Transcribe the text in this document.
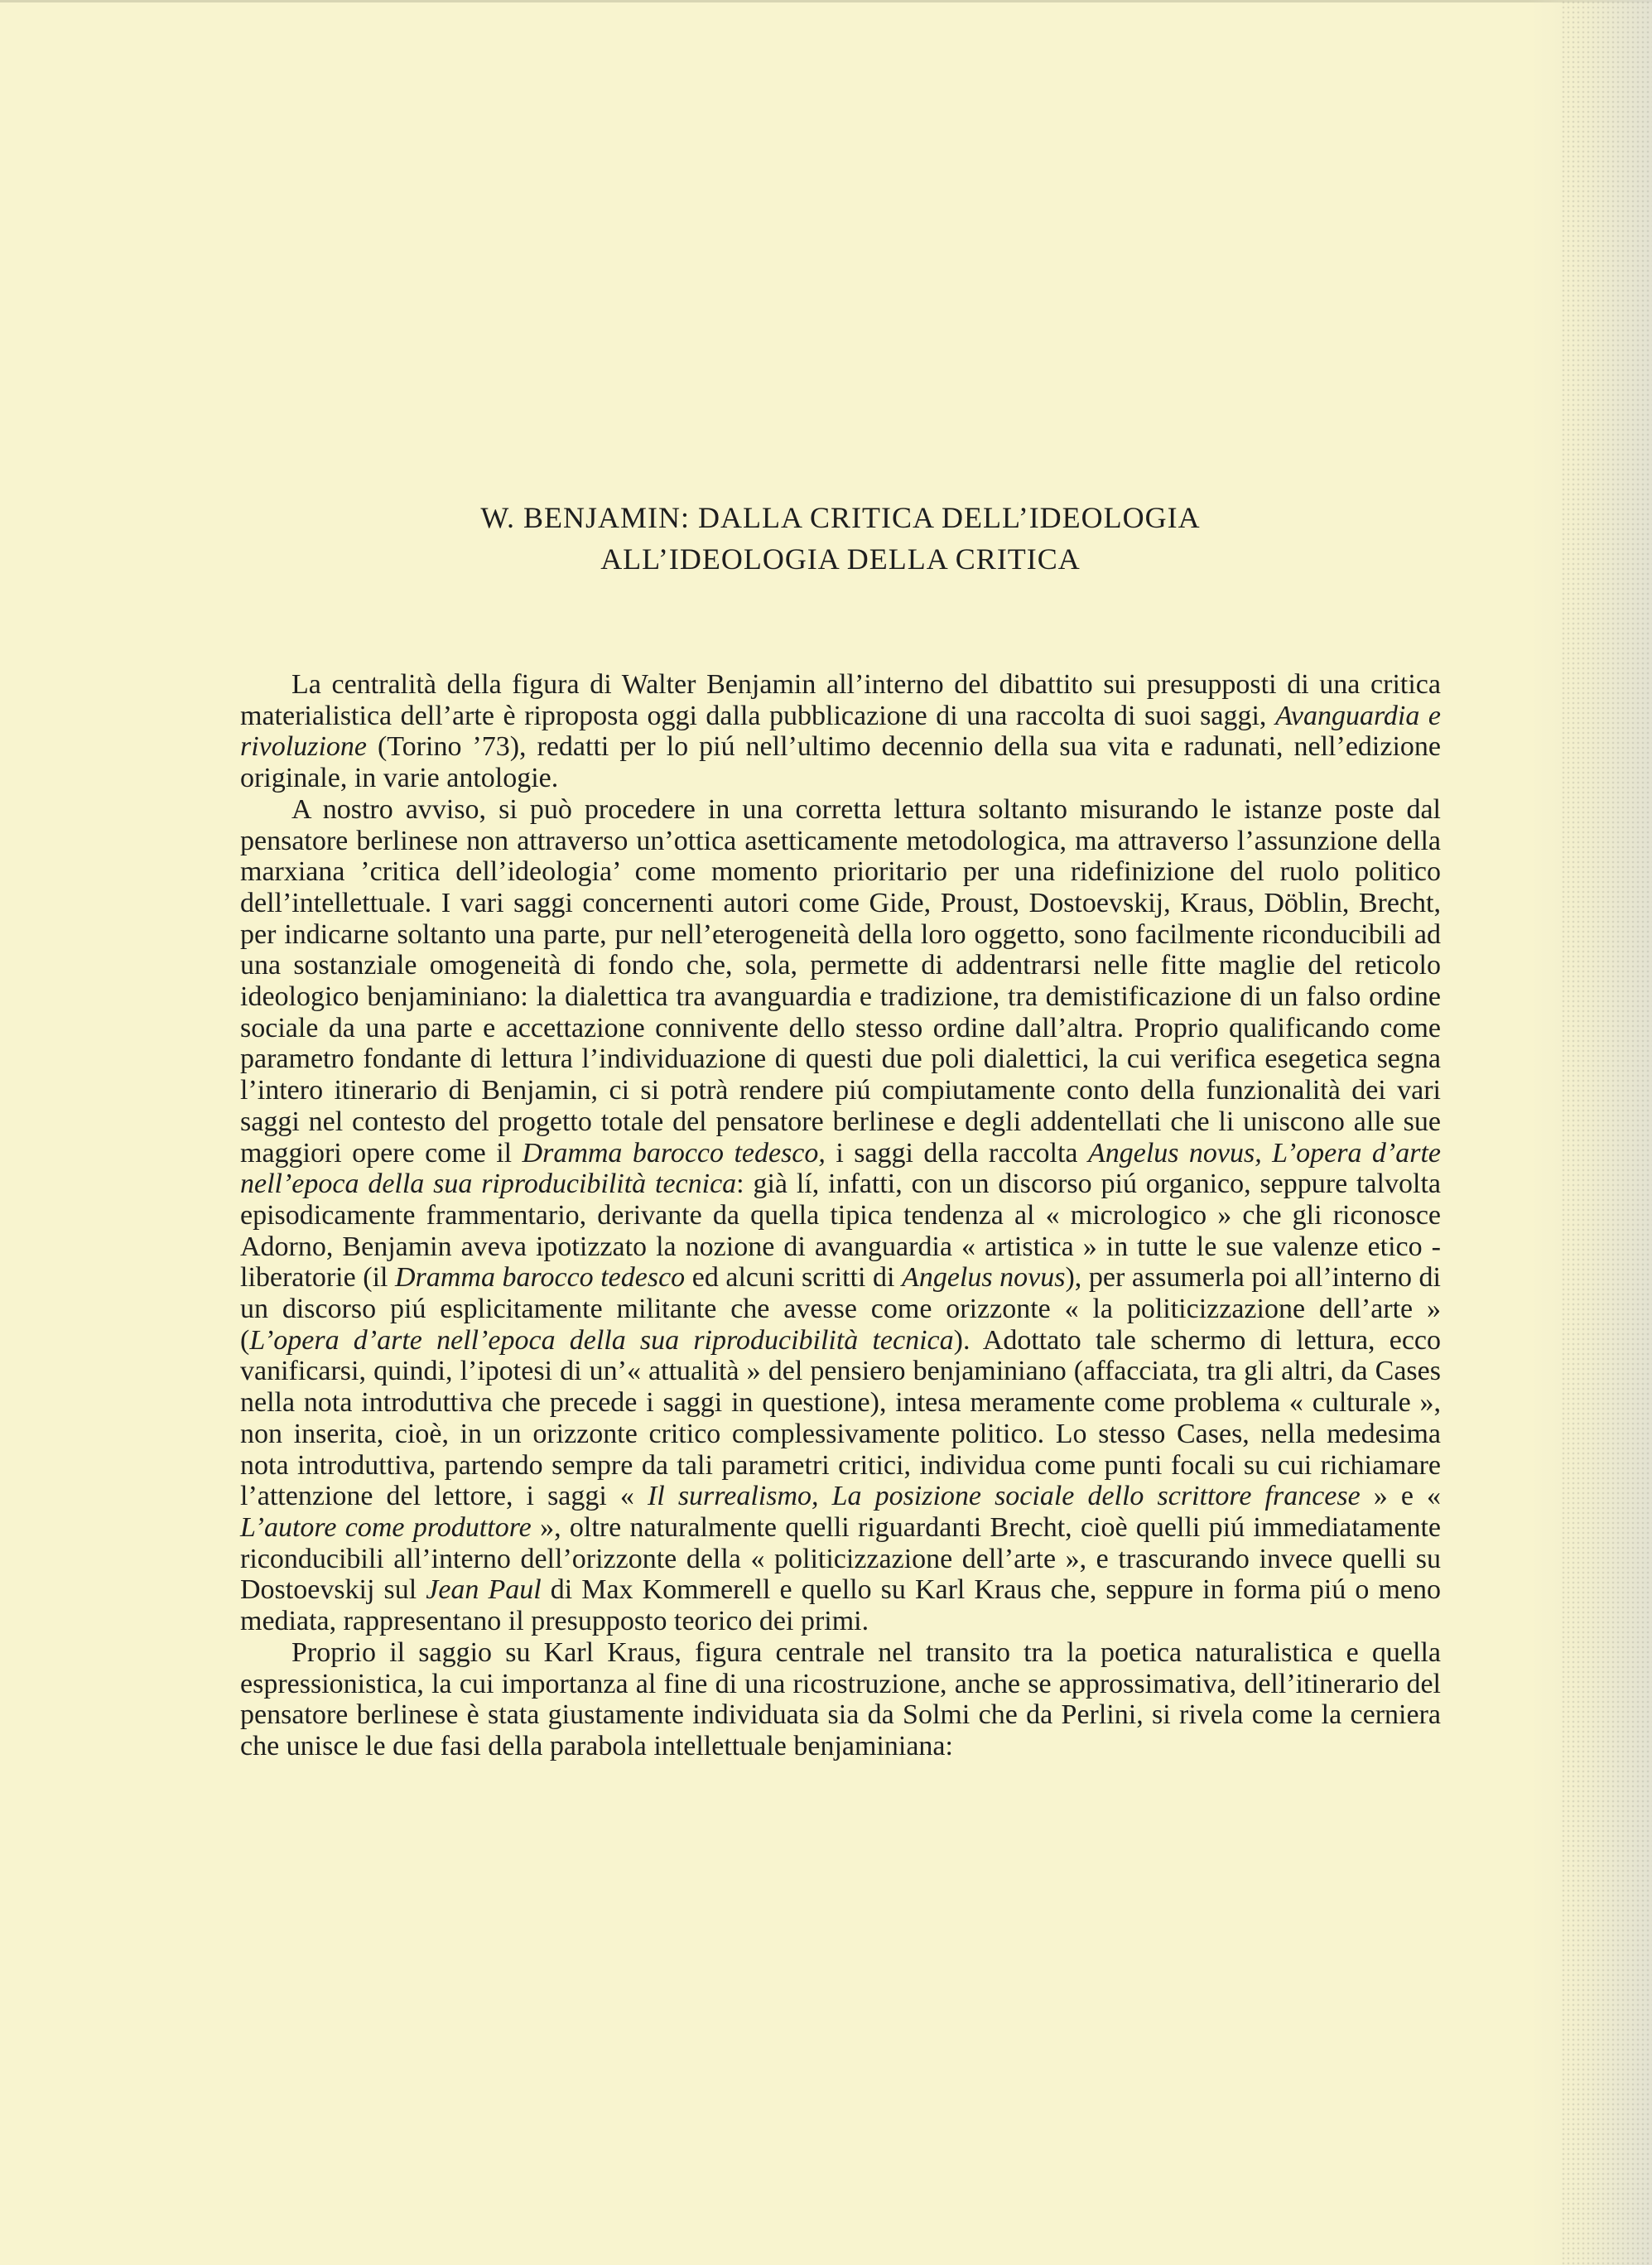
W. BENJAMIN: DALLA CRITICA DELL’IDEOLOGIA
ALL’IDEOLOGIA DELLA CRITICA

La centralità della figura di Walter Benjamin all’interno del dibattito sui presupposti di una critica materialistica dell’arte è riproposta oggi dalla pubblicazione di una raccolta di suoi saggi, Avanguardia e rivoluzione (Torino ’73), redatti per lo piú nell’ultimo decennio della sua vita e radunati, nell’edizione originale, in varie antologie.

A nostro avviso, si può procedere in una corretta lettura soltanto misurando le istanze poste dal pensatore berlinese non attraverso un’ottica asetticamente metodologica, ma attraverso l’assunzione della marxiana ’critica dell’ideologia’ come momento prioritario per una ridefinizione del ruolo politico dell’intellettuale. I vari saggi concernenti autori come Gide, Proust, Dostoevskij, Kraus, Döblin, Brecht, per indicarne soltanto una parte, pur nell’eterogeneità della loro oggetto, sono facilmente riconducibili ad una sostanziale omogeneità di fondo che, sola, permette di addentrarsi nelle fitte maglie del reticolo ideologico benjaminiano: la dialettica tra avanguardia e tradizione, tra demistificazione di un falso ordine sociale da una parte e accettazione connivente dello stesso ordine dall’altra. Proprio qualificando come parametro fondante di lettura l’individuazione di questi due poli dialettici, la cui verifica esegetica segna l’intero itinerario di Benjamin, ci si potrà rendere piú compiutamente conto della funzionalità dei vari saggi nel contesto del progetto totale del pensatore berlinese e degli addentellati che li uniscono alle sue maggiori opere come il Dramma barocco tedesco, i saggi della raccolta Angelus novus, L’opera d’arte nell’epoca della sua riproducibilità tecnica: già lí, infatti, con un discorso piú organico, seppure talvolta episodicamente frammentario, derivante da quella tipica tendenza al « micrologico » che gli riconosce Adorno, Benjamin aveva ipotizzato la nozione di avanguardia « artistica » in tutte le sue valenze etico - liberatorie (il Dramma barocco tedesco ed alcuni scritti di Angelus novus), per assumerla poi all’interno di un discorso piú esplicitamente militante che avesse come orizzonte « la politicizzazione dell’arte » (L’opera d’arte nell’epoca della sua riproducibilità tecnica). Adottato tale schermo di lettura, ecco vanificarsi, quindi, l’ipotesi di un’« attualità » del pensiero benjaminiano (affacciata, tra gli altri, da Cases nella nota introduttiva che precede i saggi in questione), intesa meramente come problema « culturale », non inserita, cioè, in un orizzonte critico complessivamente politico. Lo stesso Cases, nella medesima nota introduttiva, partendo sempre da tali parametri critici, individua come punti focali su cui richiamare l’attenzione del lettore, i saggi « Il surrealismo, La posizione sociale dello scrittore francese » e « L’autore come produttore », oltre naturalmente quelli riguardanti Brecht, cioè quelli piú immediatamente riconducibili all’interno dell’orizzonte della « politicizzazione dell’arte », e trascurando invece quelli su Dostoevskij sul Jean Paul di Max Kommerell e quello su Karl Kraus che, seppure in forma piú o meno mediata, rappresentano il presupposto teorico dei primi.

Proprio il saggio su Karl Kraus, figura centrale nel transito tra la poetica naturalistica e quella espressionistica, la cui importanza al fine di una ricostruzione, anche se approssimativa, dell’itinerario del pensatore berlinese è stata giustamente individuata sia da Solmi che da Perlini, si rivela come la cerniera che unisce le due fasi della parabola intellettuale benjaminiana:
